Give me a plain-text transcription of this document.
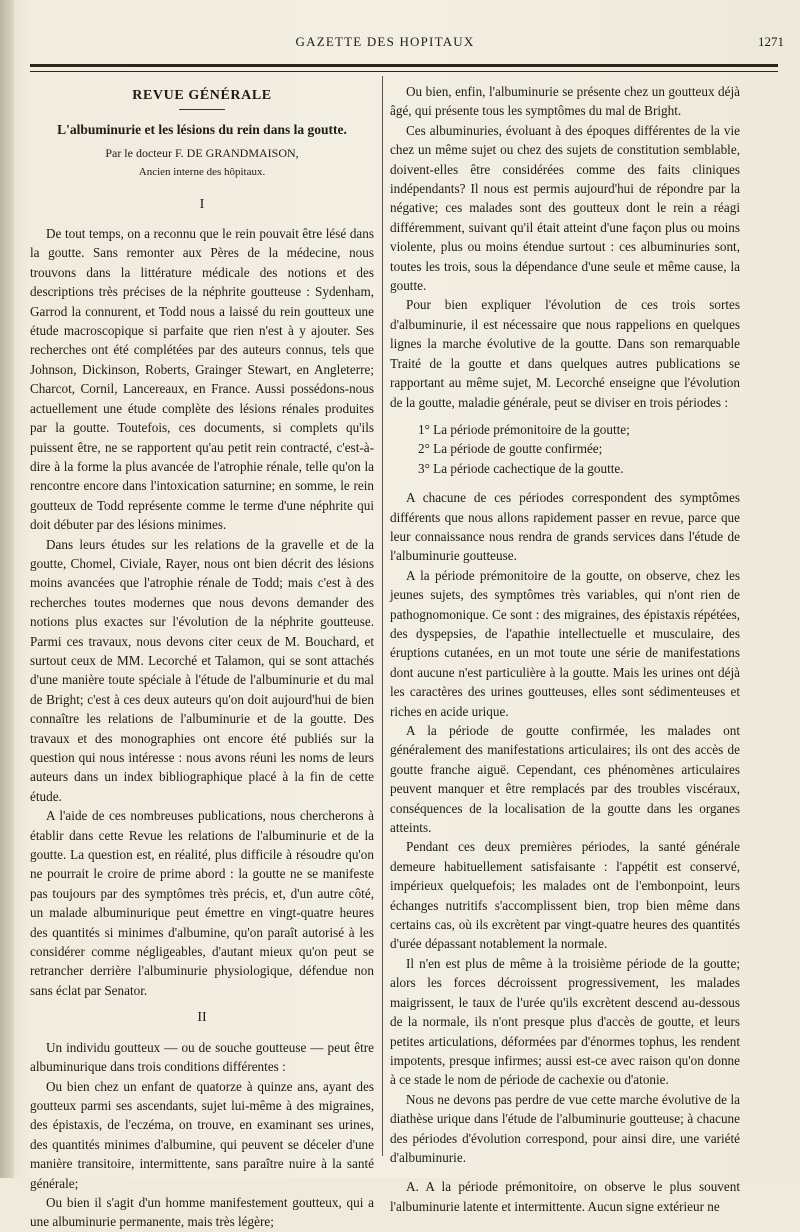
GAZETTE DES HOPITAUX	1271
REVUE GÉNÉRALE
L'albuminurie et les lésions du rein dans la goutte.
Par le docteur F. DE GRANDMAISON,
Ancien interne des hôpitaux.
I

De tout temps, on a reconnu que le rein pouvait être lésé dans la goutte. Sans remonter aux Pères de la médecine, nous trouvons dans la littérature médicale des notions et des descriptions très précises de la néphrite goutteuse : Sydenham, Garrod la connurent, et Todd nous a laissé du rein goutteux une étude macroscopique si parfaite que rien n'est à y ajouter. Ses recherches ont été complétées par des auteurs connus, tels que Johnson, Dickinson, Roberts, Grainger Stewart, en Angleterre; Charcot, Cornil, Lancereaux, en France. Aussi possédons-nous actuellement une étude complète des lésions rénales produites par la goutte. Toutefois, ces documents, si complets qu'ils puissent être, ne se rapportent qu'au petit rein contracté, c'est-à-dire à la forme la plus avancée de l'atrophie rénale, telle qu'on la rencontre encore dans l'intoxication saturnine; en somme, le rein goutteux de Todd représente comme le terme d'une néphrite qui doit débuter par des lésions minimes.

Dans leurs études sur les relations de la gravelle et de la goutte, Chomel, Civiale, Rayer, nous ont bien décrit des lésions moins avancées que l'atrophie rénale de Todd; mais c'est à des recherches toutes modernes que nous devons demander des notions plus exactes sur l'évolution de la néphrite goutteuse. Parmi ces travaux, nous devons citer ceux de M. Bouchard, et surtout ceux de MM. Lecorché et Talamon, qui se sont attachés d'une manière toute spéciale à l'étude de l'albuminurie et du mal de Bright; c'est à ces deux auteurs qu'on doit aujourd'hui de bien connaître les relations de l'albuminurie et de la goutte. Des travaux et des monographies ont encore été publiés sur la question qui nous intéresse : nous avons réuni les noms de leurs auteurs dans un index bibliographique placé à la fin de cette étude.

A l'aide de ces nombreuses publications, nous chercherons à établir dans cette Revue les relations de l'albuminurie et de la goutte. La question est, en réalité, plus difficile à résoudre qu'on ne pourrait le croire de prime abord : la goutte ne se manifeste pas toujours par des symptômes très précis, et, d'un autre côté, un malade albuminurique peut émettre en vingt-quatre heures des quantités si minimes d'albumine, qu'on paraît autorisé à les considérer comme négligeables, d'autant mieux qu'on peut se retrancher derrière l'albuminurie physiologique, défendue non sans éclat par Senator.

II

Un individu goutteux — ou de souche goutteuse — peut être albuminurique dans trois conditions différentes :

Ou bien chez un enfant de quatorze à quinze ans, ayant des goutteux parmi ses ascendants, sujet lui-même à des migraines, des épistaxis, de l'eczéma, on trouve, en examinant ses urines, des quantités minimes d'albumine, qui peuvent se déceler d'une manière transitoire, intermittente, sans paraître nuire à la santé générale;

Ou bien il s'agit d'un homme manifestement goutteux, qui a une albuminurie permanente, mais très légère;

Ou bien, enfin, l'albuminurie se présente chez un goutteux déjà âgé, qui présente tous les symptômes du mal de Bright.

Ces albuminuries, évoluant à des époques différentes de la vie chez un même sujet ou chez des sujets de constitution semblable, doivent-elles être considérées comme des faits cliniques indépendants? Il nous est permis aujourd'hui de répondre par la négative; ces malades sont des goutteux dont le rein a réagi différemment, suivant qu'il était atteint d'une façon plus ou moins violente, plus ou moins étendue surtout : ces albuminuries sont, toutes les trois, sous la dépendance d'une seule et même cause, la goutte.

Pour bien expliquer l'évolution de ces trois sortes d'albuminurie, il est nécessaire que nous rappelions en quelques lignes la marche évolutive de la goutte. Dans son remarquable Traité de la goutte et dans quelques autres publications se rapportant au même sujet, M. Lecorché enseigne que l'évolution de la goutte, maladie générale, peut se diviser en trois périodes :

1° La période prémonitoire de la goutte;

2° La période de goutte confirmée;

3° La période cachectique de la goutte.

A chacune de ces périodes correspondent des symptômes différents que nous allons rapidement passer en revue, parce que leur connaissance nous rendra de grands services dans l'étude de l'albuminurie goutteuse.

A la période prémonitoire de la goutte, on observe, chez les jeunes sujets, des symptômes très variables, qui n'ont rien de pathognomonique. Ce sont : des migraines, des épistaxis répétées, des dyspepsies, de l'apathie intellectuelle et musculaire, des éruptions cutanées, en un mot toute une série de manifestations dont aucune n'est particulière à la goutte. Mais les urines ont déjà les caractères des urines goutteuses, elles sont sédimenteuses et riches en acide urique.

A la période de goutte confirmée, les malades ont généralement des manifestations articulaires; ils ont des accès de goutte franche aiguë. Cependant, ces phénomènes articulaires peuvent manquer et être remplacés par des troubles viscéraux, conséquences de la localisation de la goutte dans les organes atteints.

Pendant ces deux premières périodes, la santé générale demeure habituellement satisfaisante : l'appétit est conservé, impérieux quelquefois; les malades ont de l'embonpoint, leurs échanges nutritifs s'accomplissent bien, trop bien même dans certains cas, où ils excrètent par vingt-quatre heures des quantités d'urée dépassant notablement la normale.

Il n'en est plus de même à la troisième période de la goutte; alors les forces décroissent progressivement, les malades maigrissent, le taux de l'urée qu'ils excrètent descend au-dessous de la normale, ils n'ont presque plus d'accès de goutte, et leurs petites articulations, déformées par d'énormes tophus, les rendent impotents, presque infirmes; aussi est-ce avec raison qu'on donne à ce stade le nom de période de cachexie ou d'atonie.

Nous ne devons pas perdre de vue cette marche évolutive de la diathèse urique dans l'étude de l'albuminurie goutteuse; à chacune des périodes d'évolution correspond, pour ainsi dire, une variété d'albuminurie.

A. A la période prémonitoire, on observe le plus souvent l'albuminurie latente et intermittente. Aucun signe extérieur ne
